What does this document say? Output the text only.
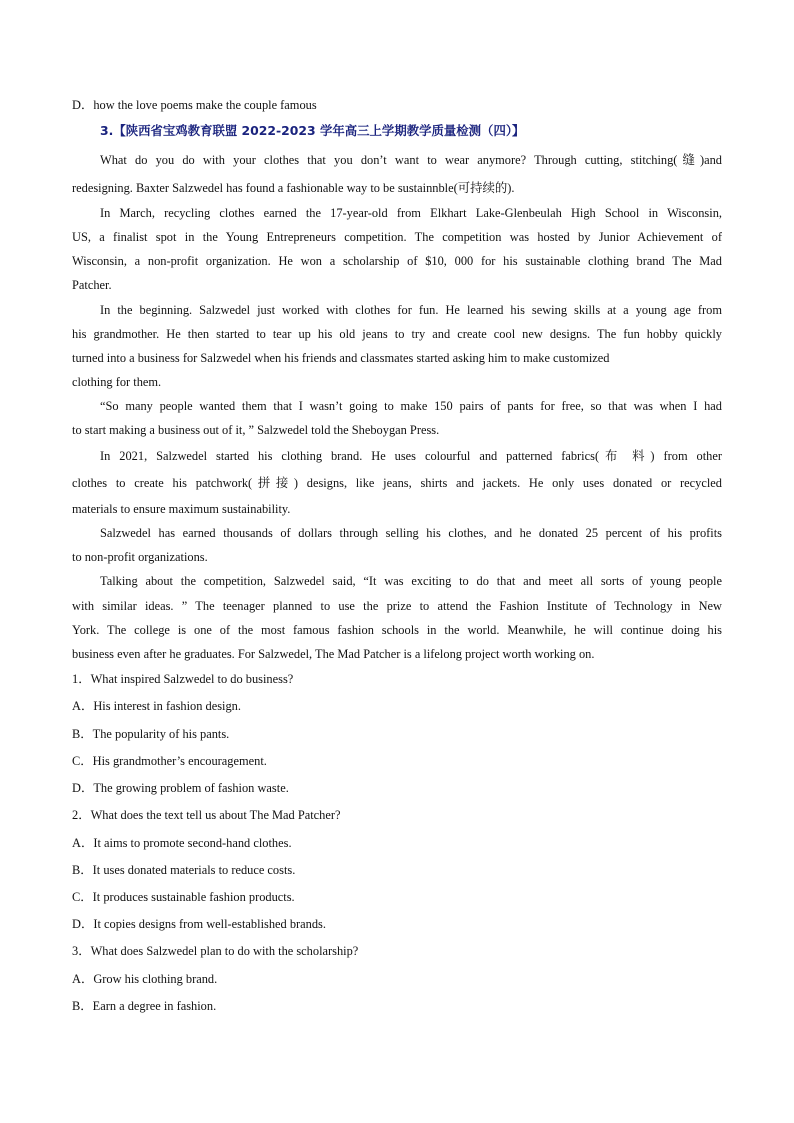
D．how the love poems make the couple famous
3.【陕西省宝鸡教育联盟 2022-2023 学年高三上学期教学质量检测（四）】
What do you do with your clothes that you don’t want to wear anymore? Through cutting, stitching(缝)and
redesigning. Baxter Salzwedel has found a fashionable way to be sustainnble(可持续的).
In March, recycling clothes earned the 17-year-old from Elkhart Lake-Glenbeulah High School in Wisconsin,
US, a finalist spot in the Young Entrepreneurs competition. The competition was hosted by Junior Achievement of
Wisconsin, a non-profit organization. He won a scholarship of $10, 000 for his sustainable clothing brand The Mad
Patcher.
In the beginning. Salzwedel just worked with clothes for fun. He learned his sewing skills at a young age from
his grandmother. He then started to tear up his old jeans to try and create cool new designs. The fun hobby quickly
turned into a business for Salzwedel when his friends and classmates started asking him to make customized
clothing for them.
“So many people wanted them that I wasn’t going to make 150 pairs of pants for free, so that was when I had
to start making a business out of it, ” Salzwedel told the Sheboygan Press.
In 2021, Salzwedel started his clothing brand. He uses colourful and patterned fabrics(布 料) from other
clothes to create his patchwork(拼接) designs, like jeans, shirts and jackets. He only uses donated or recycled
materials to ensure maximum sustainability.
Salzwedel has earned thousands of dollars through selling his clothes, and he donated 25 percent of his profits
to non-profit organizations.
Talking about the competition, Salzwedel said, “It was exciting to do that and meet all sorts of young people
with similar ideas. ” The teenager planned to use the prize to attend the Fashion Institute of Technology in New
York. The college is one of the most famous fashion schools in the world. Meanwhile, he will continue doing his
business even after he graduates. For Salzwedel, The Mad Patcher is a lifelong project worth working on.
1．What inspired Salzwedel to do business?
A．His interest in fashion design.
B．The popularity of his pants.
C．His grandmother’s encouragement.
D．The growing problem of fashion waste.
2．What does the text tell us about The Mad Patcher?
A．It aims to promote second-hand clothes.
B．It uses donated materials to reduce costs.
C．It produces sustainable fashion products.
D．It copies designs from well-established brands.
3．What does Salzwedel plan to do with the scholarship?
A．Grow his clothing brand.
B．Earn a degree in fashion.
